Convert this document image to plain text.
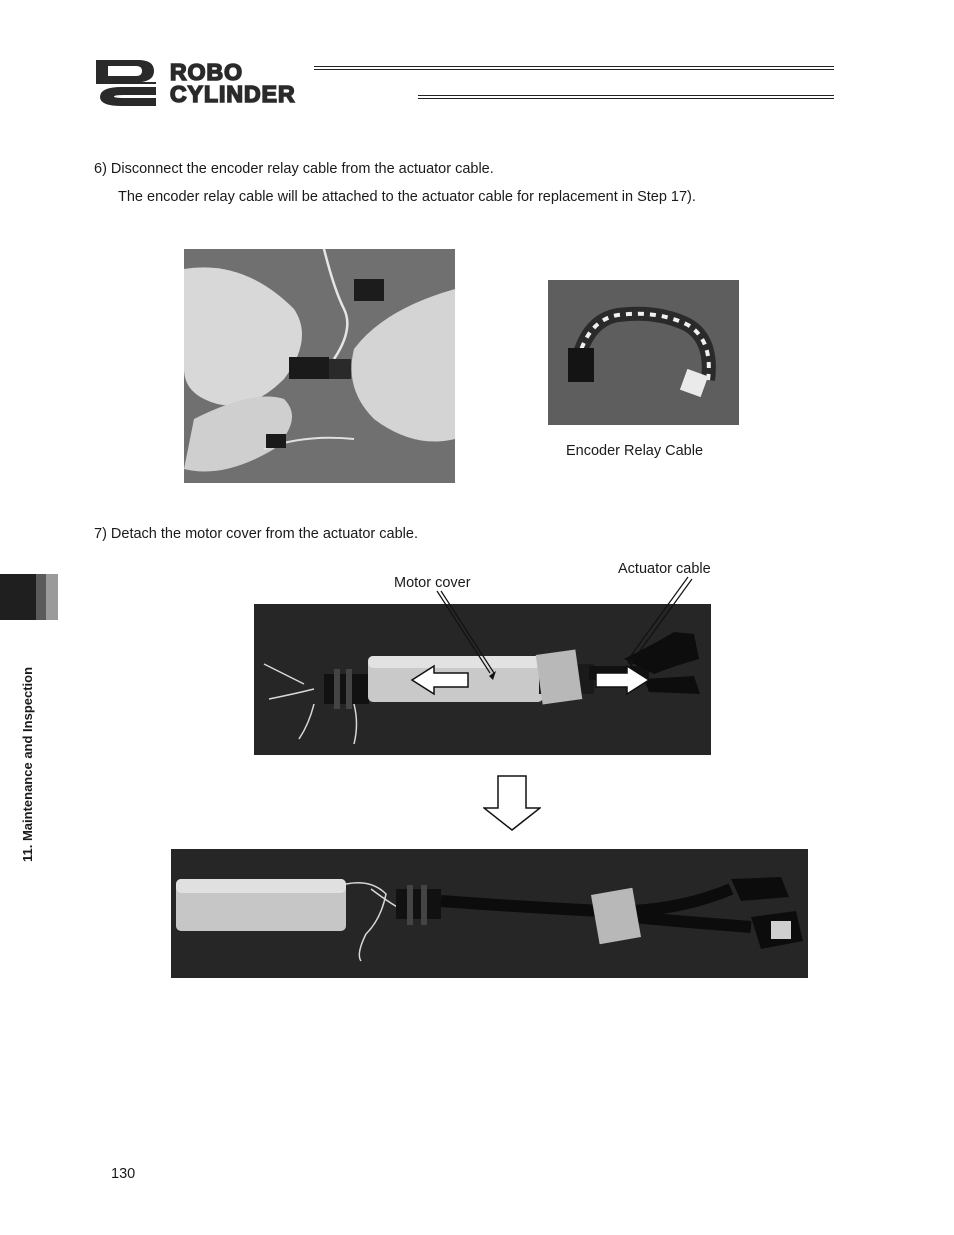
ROBO
CYLINDER
6) Disconnect the encoder relay cable from the actuator cable.
The encoder relay cable will be attached to the actuator cable for replacement in Step 17).
Encoder Relay Cable
7) Detach the motor cover from the actuator cable.
Motor cover
Actuator cable
11. Maintenance and Inspection
130
